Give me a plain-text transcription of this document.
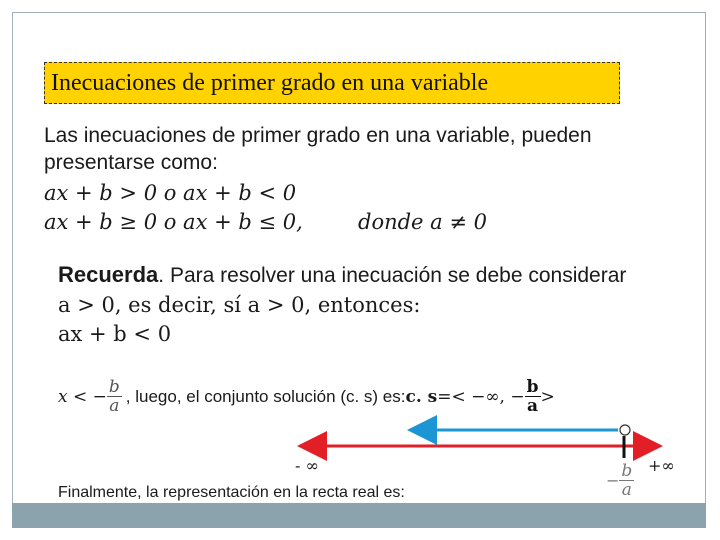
Inecuaciones de primer grado en una variable
Las inecuaciones de primer grado en una variable, pueden
presentarse como:
ax + b > 0 o ax + b < 0
ax + b ≥ 0 o ax + b ≤ 0,	donde a ≠ 0
Recuerda. Para resolver una inecuación se debe considerar
a > 0, es decir, sí a > 0, entonces:
ax + b < 0
x < − $\frac{b}{a}$ , luego, el conjunto solución (c. s) es: c. s =< −∞, − $\frac{b}{a}$ >
- ∞	+∞
− $\frac{b}{a}$
Finalmente, la representación en la recta real es:
